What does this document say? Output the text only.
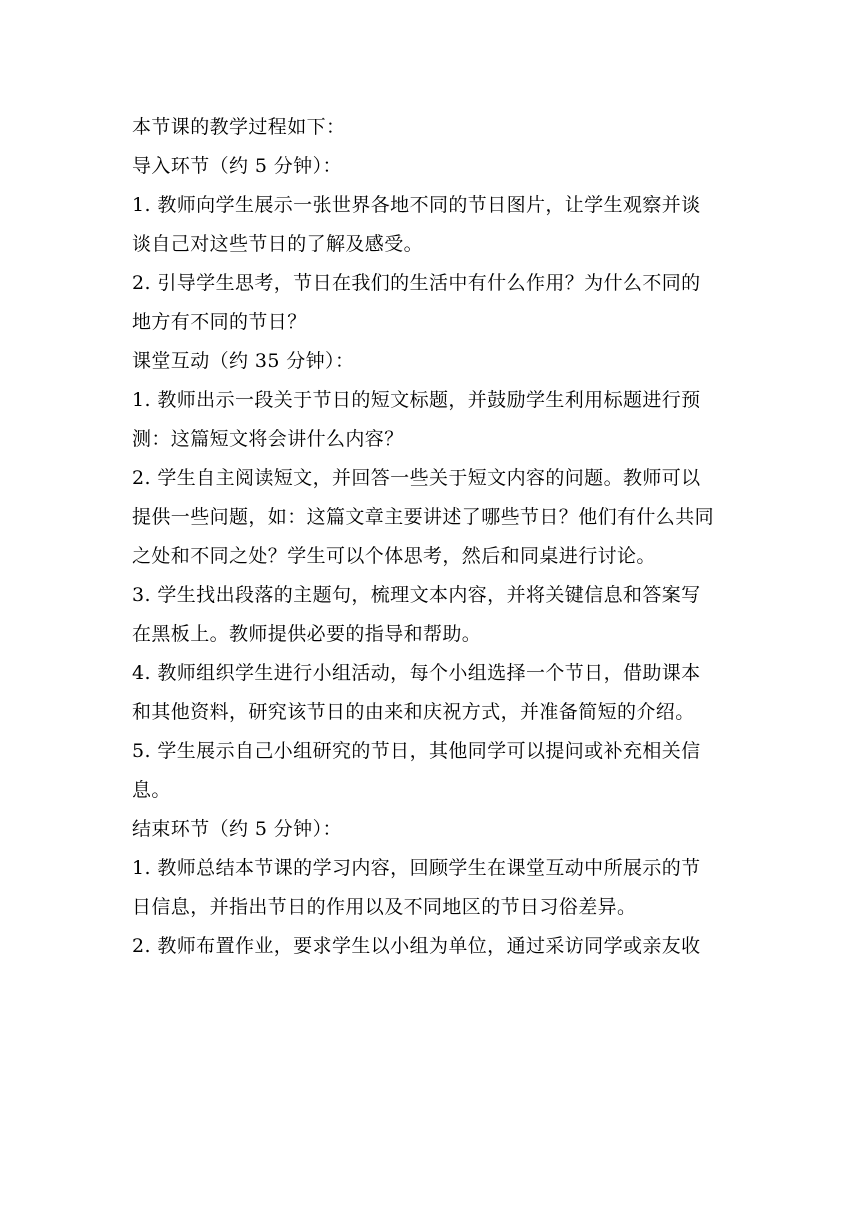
本节课的教学过程如下：
导入环节（约 5 分钟）：
1. 教师向学生展示一张世界各地不同的节日图片，让学生观察并谈
谈自己对这些节日的了解及感受。
2. 引导学生思考，节日在我们的生活中有什么作用？为什么不同的
地方有不同的节日？
课堂互动（约 35 分钟）：
1. 教师出示一段关于节日的短文标题，并鼓励学生利用标题进行预
测：这篇短文将会讲什么内容？
2. 学生自主阅读短文，并回答一些关于短文内容的问题。教师可以
提供一些问题，如：这篇文章主要讲述了哪些节日？他们有什么共同
之处和不同之处？学生可以个体思考，然后和同桌进行讨论。
3. 学生找出段落的主题句，梳理文本内容，并将关键信息和答案写
在黑板上。教师提供必要的指导和帮助。
4. 教师组织学生进行小组活动，每个小组选择一个节日，借助课本
和其他资料，研究该节日的由来和庆祝方式，并准备简短的介绍。
5. 学生展示自己小组研究的节日，其他同学可以提问或补充相关信
息。
结束环节（约 5 分钟）：
1. 教师总结本节课的学习内容，回顾学生在课堂互动中所展示的节
日信息，并指出节日的作用以及不同地区的节日习俗差异。
2. 教师布置作业，要求学生以小组为单位，通过采访同学或亲友收
